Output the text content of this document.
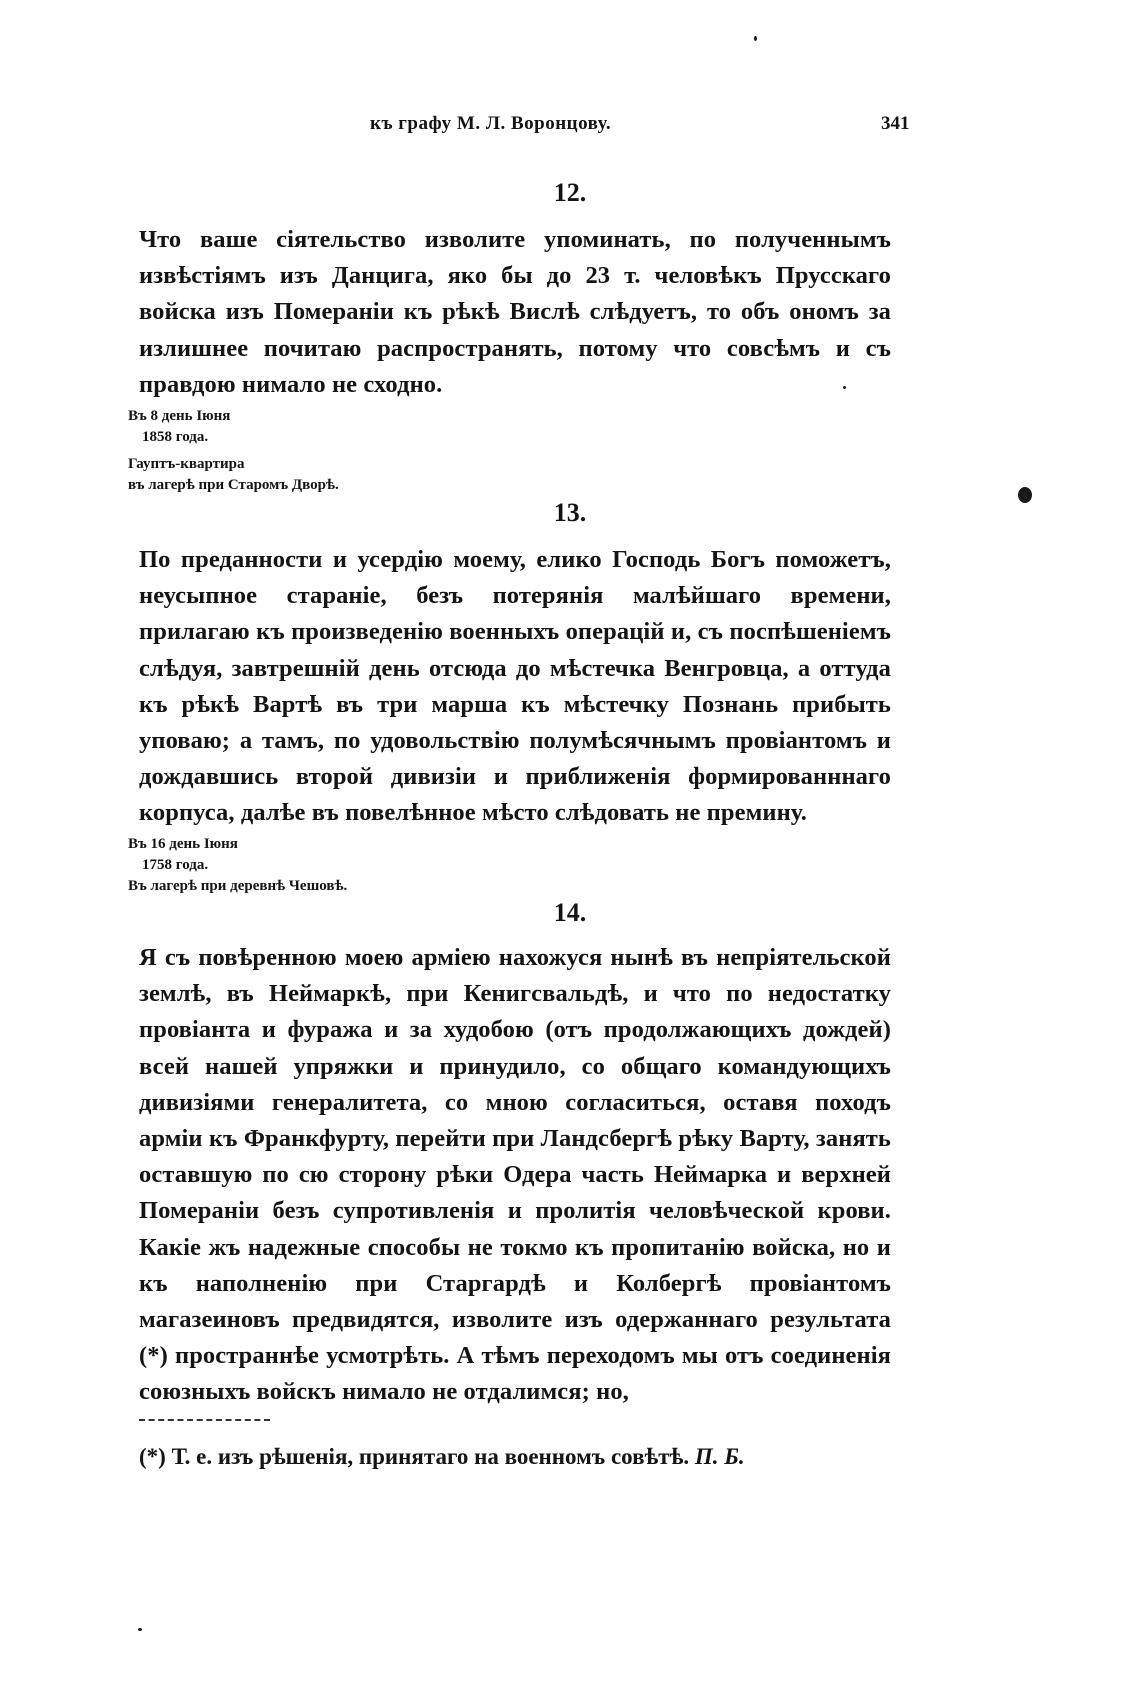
къ графу М. Л. Воронцову.	341
12.
Что ваше сіятельство изволите упоминать, по полученнымъ извѣстіямъ изъ Данцига, яко бы до 23 т. человѣкъ Прусскаго войска изъ Помераніи къ рѣкѣ Вислѣ слѣдуетъ, то объ ономъ за излишнее почитаю распространять, потому что совсѣмъ и съ правдою нимало не сходно.
Въ 8 день Іюня
1858 года.
Гауптъ-квартира
въ лагерѣ при Старомъ Дворѣ.
13.
По преданности и усердію моему, елико Господь Богъ поможетъ, неусыпное стараніе, безъ потерянія малѣйшаго времени, прилагаю къ произведенію военныхъ операцій и, съ поспѣшеніемъ слѣдуя, завтрешній день отсюда до мѣстечка Венгровца, а оттуда къ рѣкѣ Вартѣ въ три марша къ мѣстечку Познань прибыть уповаю; а тамъ, по удовольствію полумѣсячнымъ провіантомъ и дождавшись второй дивизіи и приближенія формированннаго корпуса, далѣе въ повелѣнное мѣсто слѣдовать не премину.
Въ 16 день Іюня
1758 года.
Въ лагерѣ при деревнѣ Чешовѣ.
14.
Я съ повѣренною моею арміею нахожуся нынѣ въ непріятельской землѣ, въ Неймаркѣ, при Кенигсвальдѣ, и что по недостатку провіанта и фуража и за худобою (отъ продолжающихъ дождей) всей нашей упряжки и принудило, со общаго командующихъ дивизіями генералитета, со мною согласиться, оставя походъ арміи къ Франкфурту, перейти при Ландсбергѣ рѣку Варту, занять оставшую по сю сторону рѣки Одера часть Неймарка и верхней Помераніи безъ супротивленія и пролитія человѣческой крови. Какіе жъ надежные способы не токмо къ пропитанію войска, но и къ наполненію при Старгардѣ и Колбергѣ провіантомъ магазеиновъ предвидятся, изволите изъ одержаннаго результата (*) пространнѣе усмотрѣть. А тѣмъ переходомъ мы отъ соединенія союзныхъ войскъ нимало не отдалимся; но,
(*) Т. е. изъ рѣшенія, принятаго на военномъ совѣтѣ. П. Б.
